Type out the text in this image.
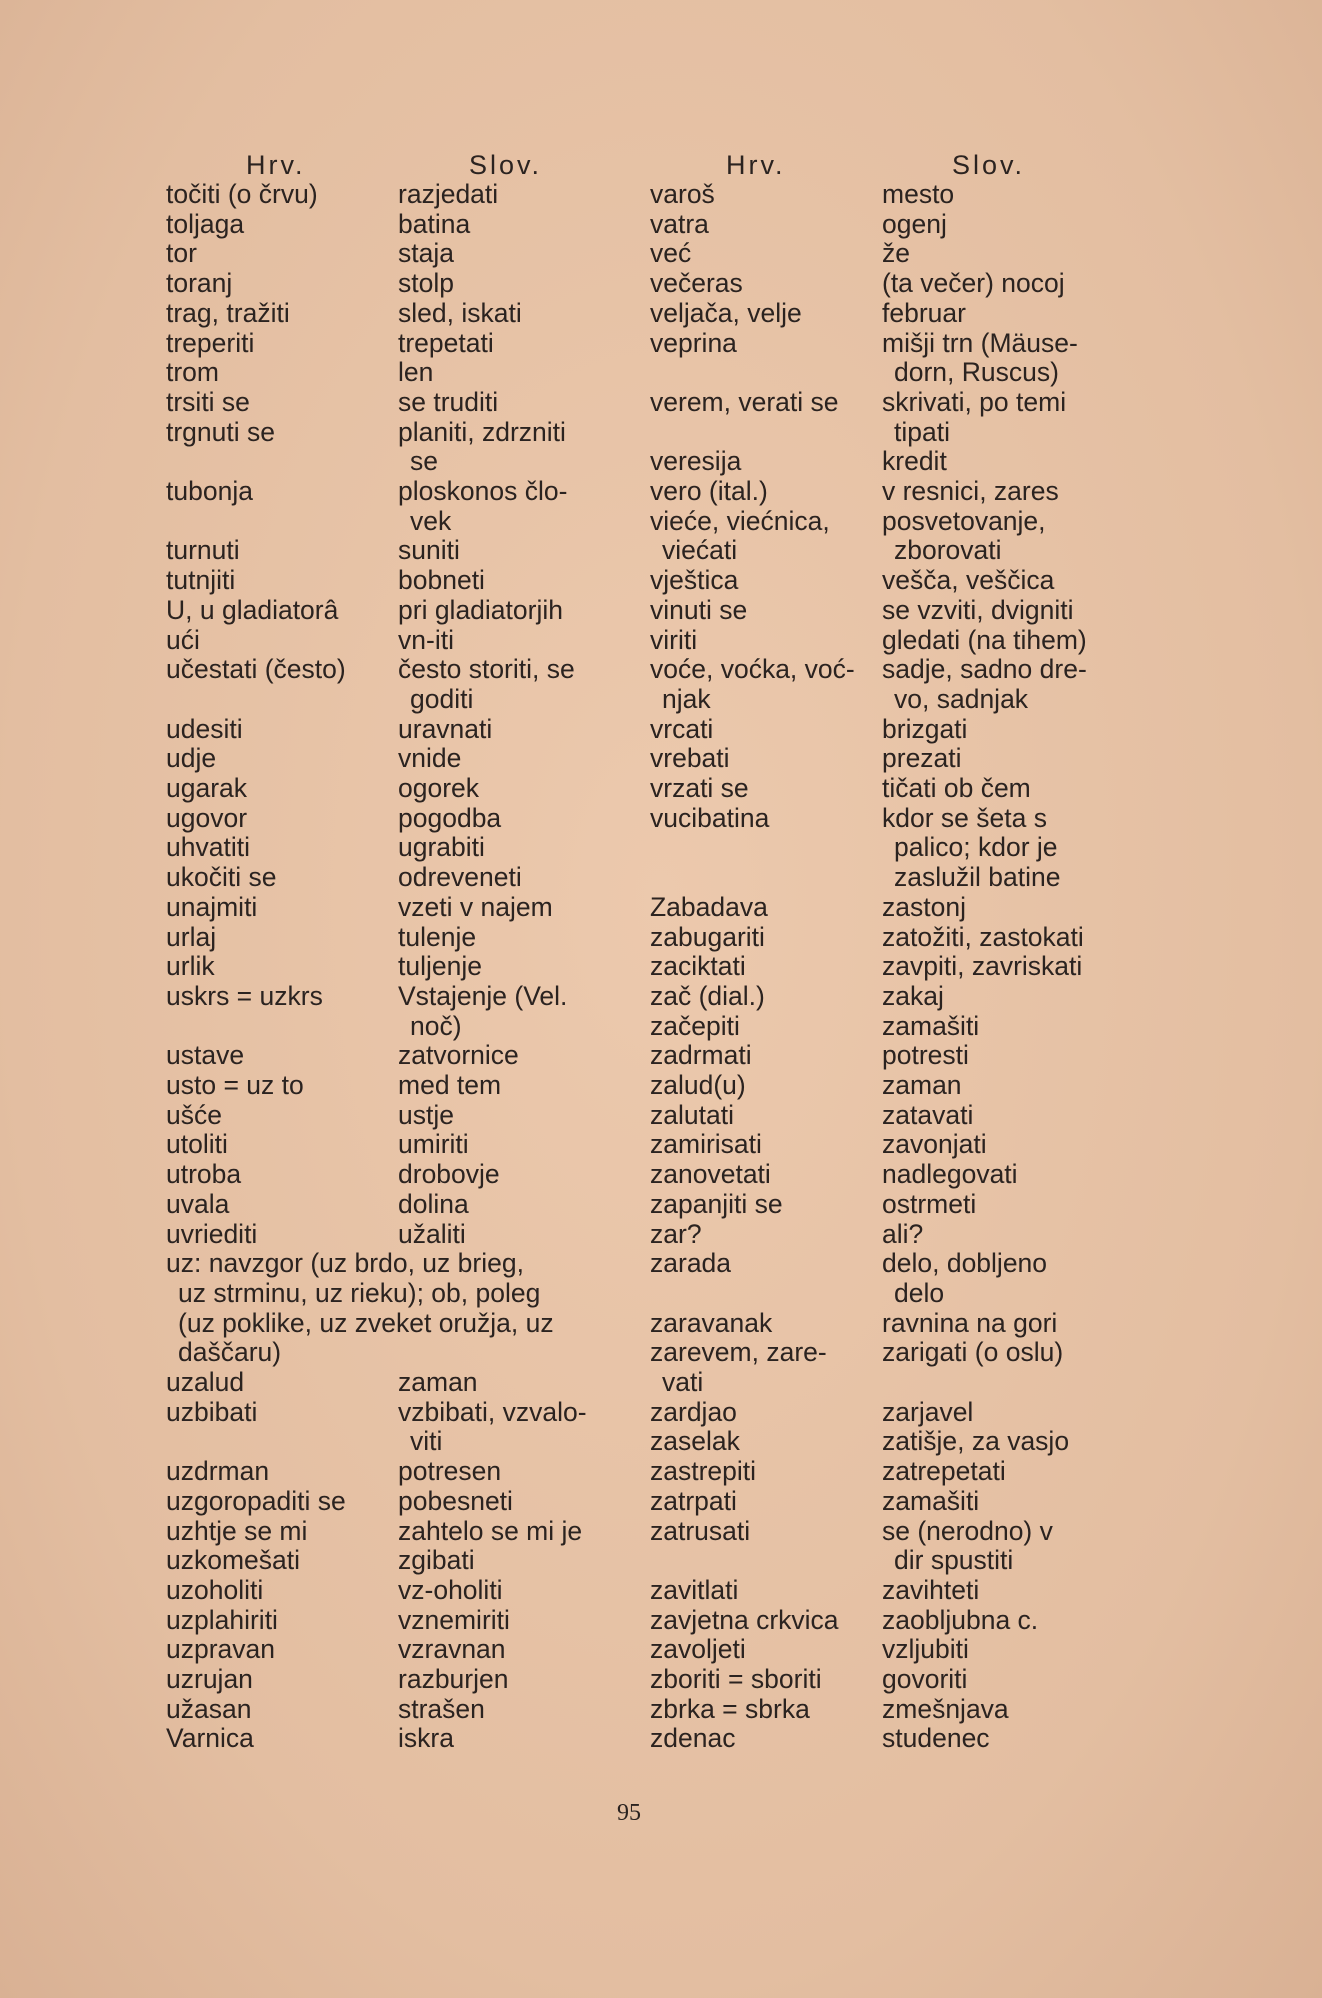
Hrv.	Slov.
točiti (o črvu)	razjedati
toljaga	batina
tor	staja
toranj	stolp
trag, tražiti	sled, iskati
treperiti	trepetati
trom	len
trsiti se	se truditi
trgnuti se	planiti, zdrzniti
se
tubonja	ploskonos člo-
vek
turnuti	suniti
tutnjiti	bobneti
U, u gladiatorâ	pri gladiatorjih
ući	vn-iti
učestati (često)	često storiti, se
goditi
udesiti	uravnati
udje	vnide
ugarak	ogorek
ugovor	pogodba
uhvatiti	ugrabiti
ukočiti se	odreveneti
unajmiti	vzeti v najem
urlaj	tulenje
urlik	tuljenje
uskrs = uzkrs	Vstajenje (Vel.
noč)
ustave	zatvornice
usto = uz to	med tem
ušće	ustje
utoliti	umiriti
utroba	drobovje
uvala	dolina
uvriediti	užaliti
uz: navzgor (uz brdo, uz brieg,
uz strminu, uz rieku); ob, poleg
(uz poklike, uz zveket oružja, uz
daščaru)
uzalud	zaman
uzbibati	vzbibati, vzvalo-
viti
uzdrman	potresen
uzgoropaditi se	pobesneti
uzhtje se mi	zahtelo se mi je
uzkomešati	zgibati
uzoholiti	vz-oholiti
uzplahiriti	vznemiriti
uzpravan	vzravnan
uzrujan	razburjen
užasan	strašen
Varnica	iskra
Hrv.	Slov.
varoš	mesto
vatra	ogenj
već	že
večeras	(ta večer) nocoj
veljača, velje	februar
veprina	mišji trn (Mäuse-
dorn, Ruscus)
verem, verati se	skrivati, po temi
tipati
veresija	kredit
vero (ital.)	v resnici, zares
vieće, viećnica,	posvetovanje,
viećati	zborovati
vještica	vešča, veščica
vinuti se	se vzviti, dvigniti
viriti	gledati (na tihem)
voće, voćka, voć-	sadje, sadno dre-
njak	vo, sadnjak
vrcati	brizgati
vrebati	prezati
vrzati se	tičati ob čem
vucibatina	kdor se šeta s
palico; kdor je
zaslužil batine
Zabadava	zastonj
zabugariti	zatožiti, zastokati
zaciktati	zavpiti, zavriskati
zač (dial.)	zakaj
začepiti	zamašiti
zadrmati	potresti
zalud(u)	zaman
zalutati	zatavati
zamirisati	zavonjati
zanovetati	nadlegovati
zapanjiti se	ostrmeti
zar?	ali?
zarada	delo, dobljeno
delo
zaravanak	ravnina na gori
zarevem, zare-	zarigati (o oslu)
vati
zardjao	zarjavel
zaselak	zatišje, za vasjo
zastrepiti	zatrepetati
zatrpati	zamašiti
zatrusati	se (nerodno) v
dir spustiti
zavitlati	zavihteti
zavjetna crkvica	zaobljubna c.
zavoljeti	vzljubiti
zboriti = sboriti	govoriti
zbrka = sbrka	zmešnjava
zdenac	studenec
95
